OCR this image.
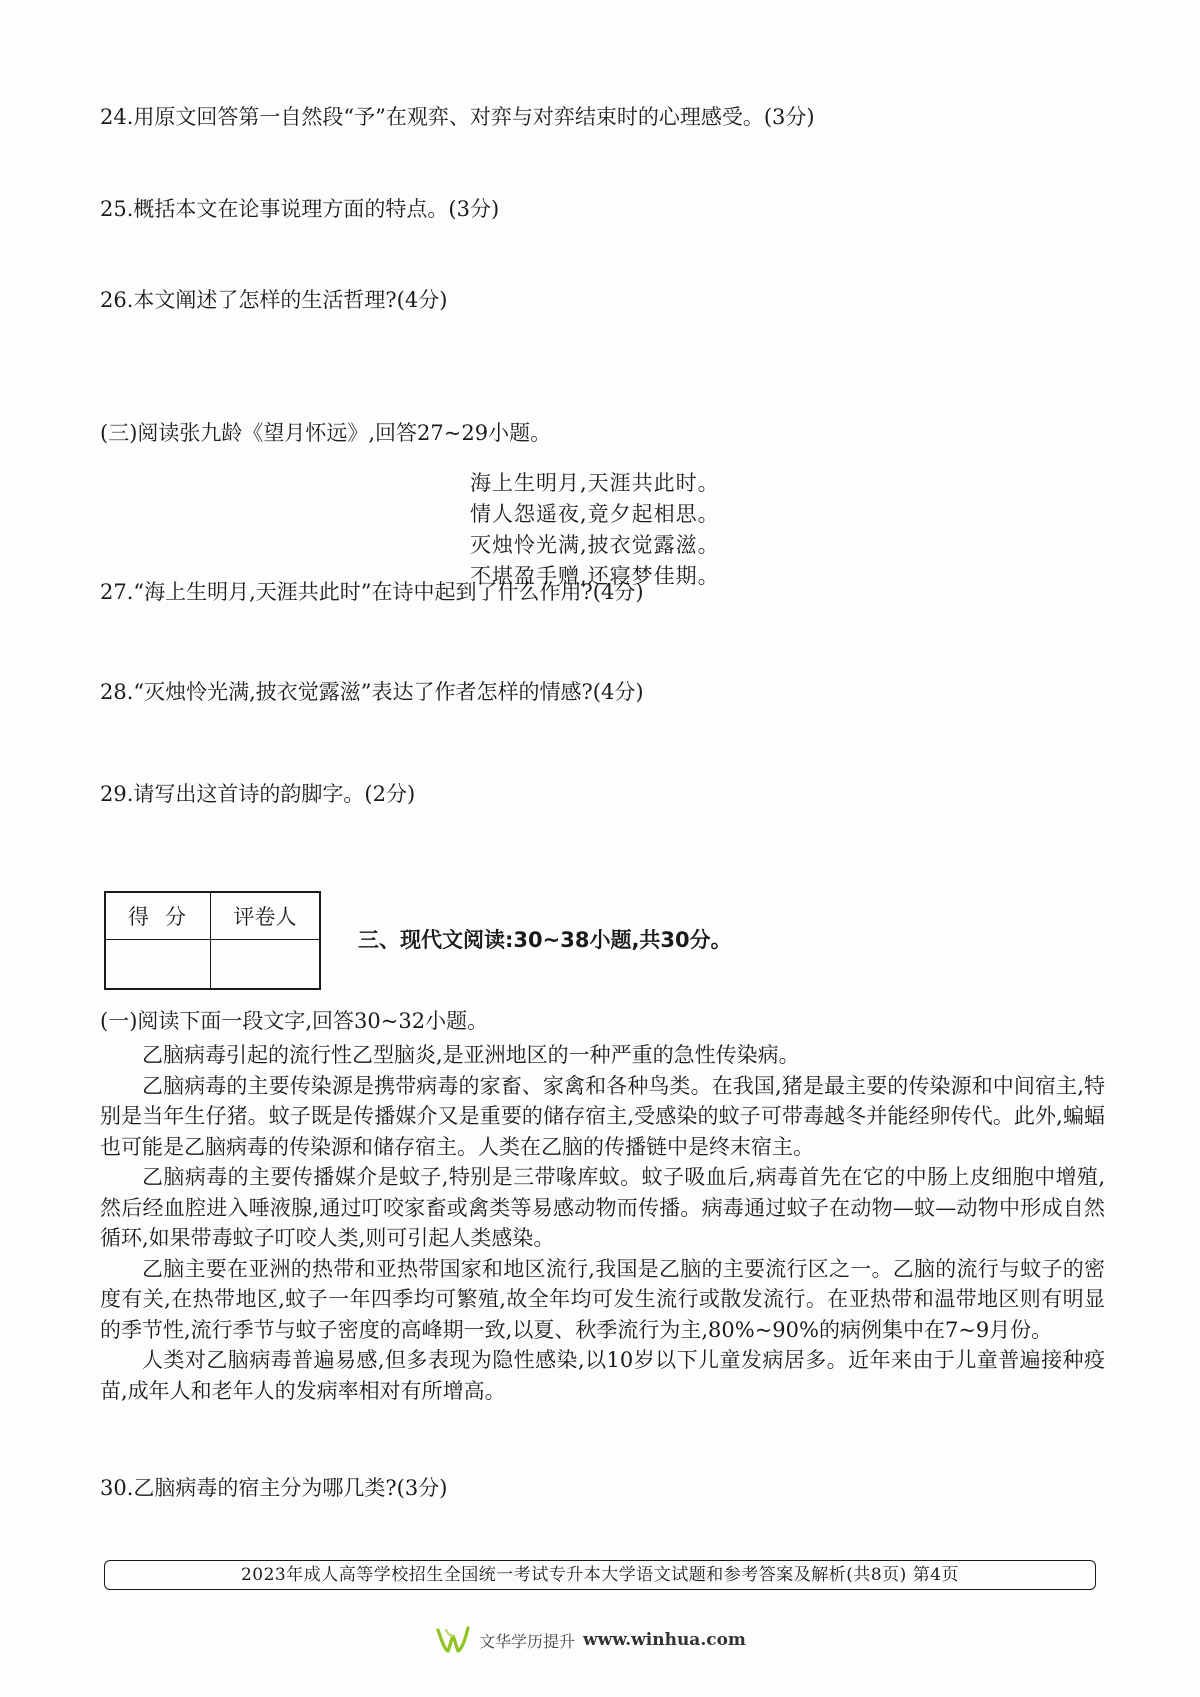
24.用原文回答第一自然段“予”在观弈、对弈与对弈结束时的心理感受。(3分)
25.概括本文在论事说理方面的特点。(3分)
26.本文阐述了怎样的生活哲理?(4分)
(三)阅读张九龄《望月怀远》,回答27~29小题。
海上生明月,天涯共此时。
情人怨遥夜,竟夕起相思。
灭烛怜光满,披衣觉露滋。
不堪盈手赠,还寝梦佳期。
27.“海上生明月,天涯共此时”在诗中起到了什么作用?(4分)
28.“灭烛怜光满,披衣觉露滋”表达了作者怎样的情感?(4分)
29.请写出这首诗的韵脚字。(2分)
得分	评卷人

三、现代文阅读:30~38小题,共30分。
(一)阅读下面一段文字,回答30~32小题。

乙脑病毒引起的流行性乙型脑炎,是亚洲地区的一种严重的急性传染病。

乙脑病毒的主要传染源是携带病毒的家畜、家禽和各种鸟类。在我国,猪是最主要的传染源和中间宿主,特别是当年生仔猪。蚊子既是传播媒介又是重要的储存宿主,受感染的蚊子可带毒越冬并能经卵传代。此外,蝙蝠也可能是乙脑病毒的传染源和储存宿主。人类在乙脑的传播链中是终末宿主。

乙脑病毒的主要传播媒介是蚊子,特别是三带喙库蚊。蚊子吸血后,病毒首先在它的中肠上皮细胞中增殖,然后经血腔进入唾液腺,通过叮咬家畜或禽类等易感动物而传播。病毒通过蚊子在动物—蚊—动物中形成自然循环,如果带毒蚊子叮咬人类,则可引起人类感染。

乙脑主要在亚洲的热带和亚热带国家和地区流行,我国是乙脑的主要流行区之一。乙脑的流行与蚊子的密度有关,在热带地区,蚊子一年四季均可繁殖,故全年均可发生流行或散发流行。在亚热带和温带地区则有明显的季节性,流行季节与蚊子密度的高峰期一致,以夏、秋季流行为主,80%~90%的病例集中在7~9月份。

人类对乙脑病毒普遍易感,但多表现为隐性感染,以10岁以下儿童发病居多。近年来由于儿童普遍接种疫苗,成年人和老年人的发病率相对有所增高。

30.乙脑病毒的宿主分为哪几类?(3分)
2023年成人高等学校招生全国统一考试专升本大学语文试题和参考答案及解析(共8页) 第4页
文华学历提升 www.winhua.com
